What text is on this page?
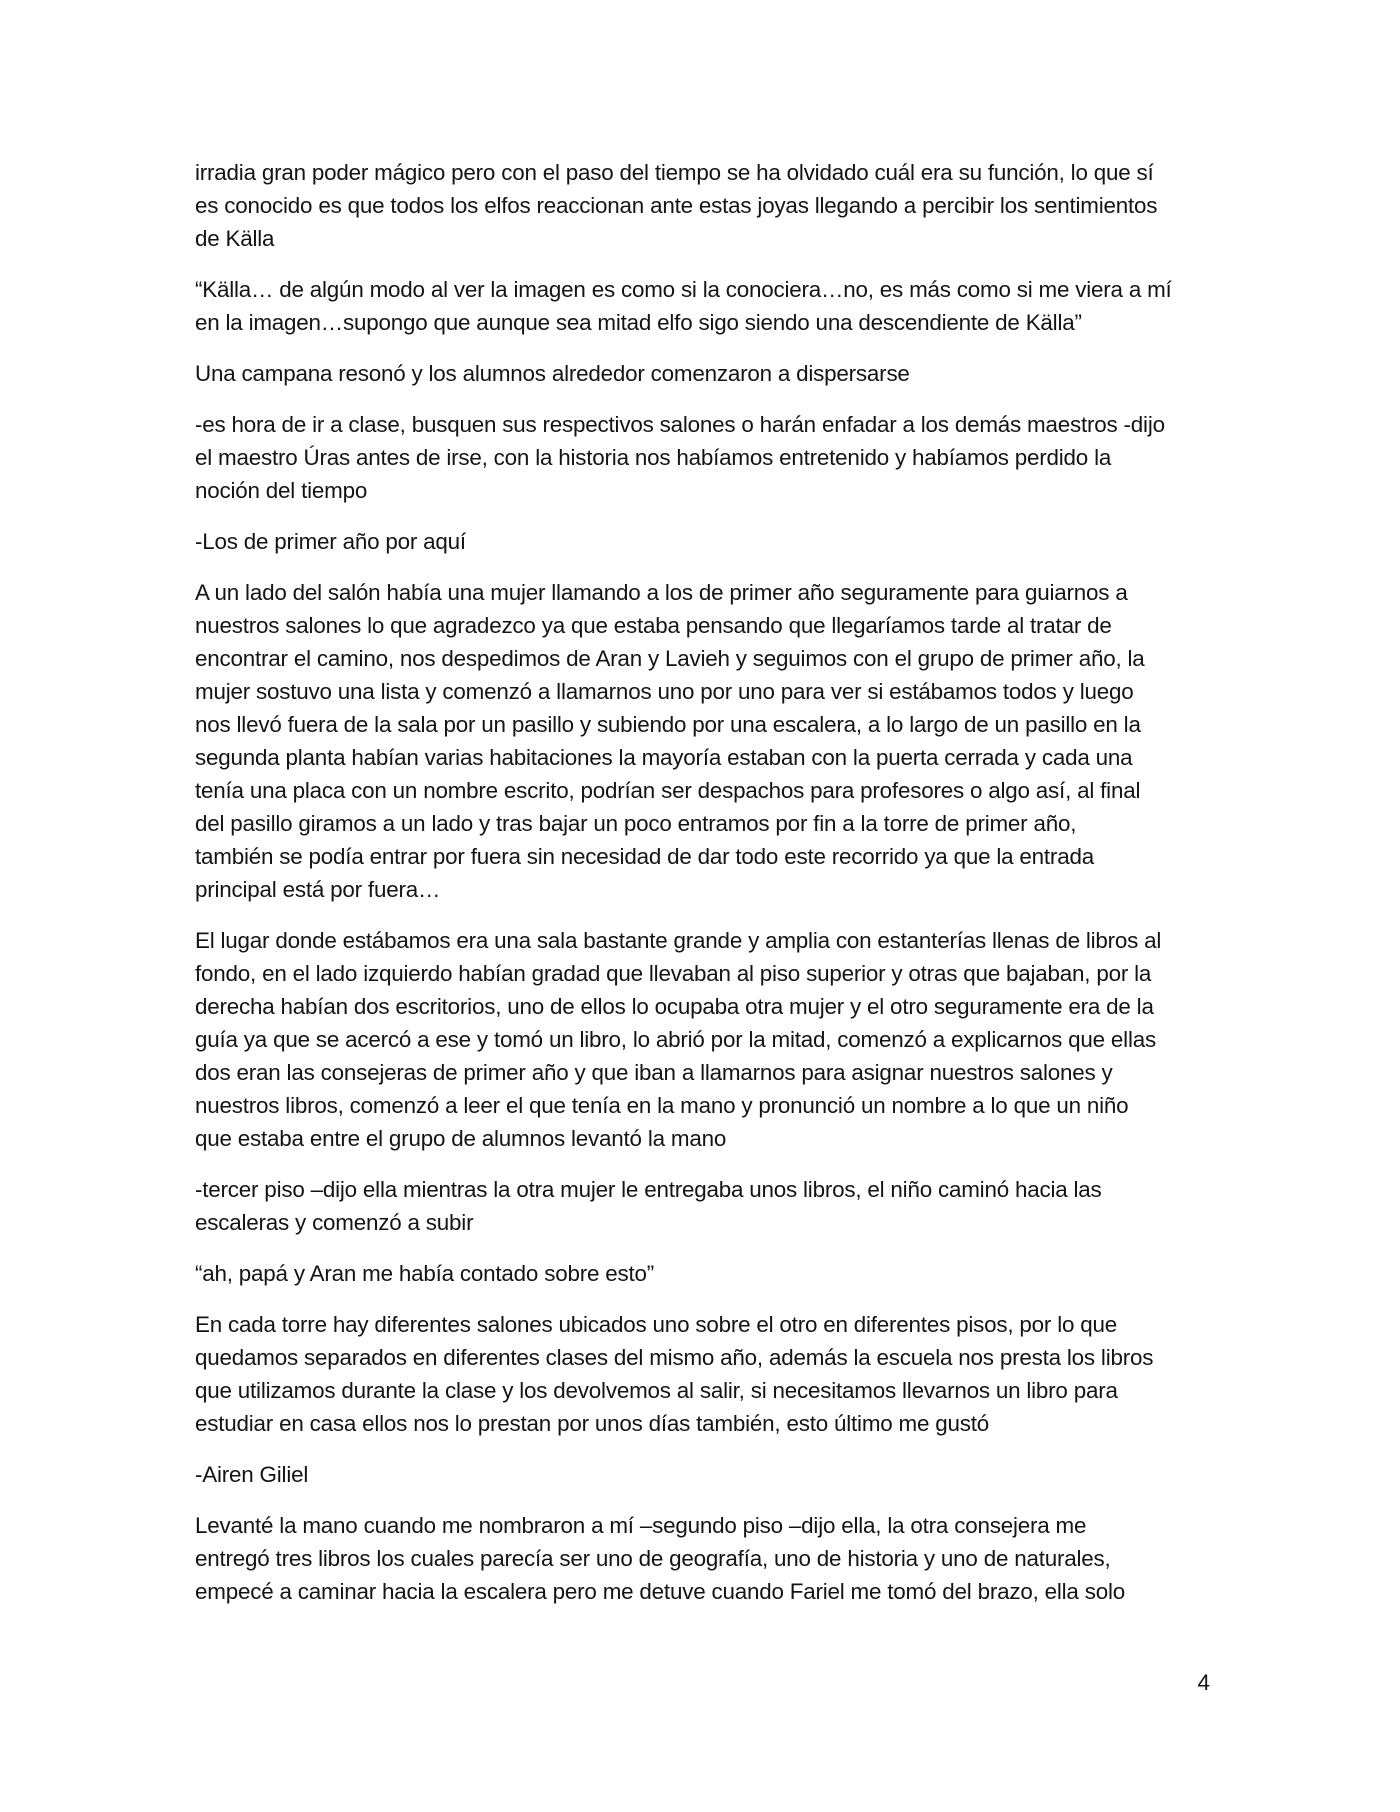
irradia gran poder mágico pero con el paso del tiempo se ha olvidado cuál era su función, lo que sí
es conocido es que todos los elfos reaccionan ante estas joyas llegando a percibir los sentimientos
de Källa

“Källa… de algún modo al ver la imagen es como si la conociera…no, es más como si me viera a mí
en la imagen…supongo que aunque sea mitad elfo sigo siendo una descendiente de Källa”

Una campana resonó y los alumnos alrededor comenzaron a dispersarse

-es hora de ir a clase, busquen sus respectivos salones o harán enfadar a los demás maestros -dijo
el maestro Úras antes de irse, con la historia nos habíamos entretenido y habíamos perdido la
noción del tiempo

-Los de primer año por aquí

A un lado del salón había una mujer llamando a los de primer año seguramente para guiarnos a
nuestros salones lo que agradezco ya que estaba pensando que llegaríamos tarde al tratar de
encontrar el camino, nos despedimos de Aran y Lavieh y seguimos con el grupo de primer año, la
mujer sostuvo una lista y comenzó a llamarnos uno por uno para ver si estábamos todos y luego
nos llevó fuera de la sala por un pasillo y subiendo por una escalera, a lo largo de un pasillo en la
segunda planta habían varias habitaciones la mayoría estaban con la puerta cerrada y cada una
tenía una placa con un nombre escrito, podrían ser despachos para profesores o algo así, al final
del pasillo giramos a un lado y tras bajar un poco entramos por fin a la torre de primer año,
también se podía entrar por fuera sin necesidad de dar todo este recorrido ya que la entrada
principal está por fuera…

El lugar donde estábamos era una sala bastante grande y amplia con estanterías llenas de libros al
fondo, en el lado izquierdo habían gradad que llevaban al piso superior y otras que bajaban, por la
derecha habían dos escritorios, uno de ellos lo ocupaba otra mujer y el otro seguramente era de la
guía ya que se acercó a ese y tomó un libro, lo abrió por la mitad, comenzó a explicarnos que ellas
dos eran las consejeras de primer año y que iban a llamarnos para asignar nuestros salones y
nuestros libros, comenzó a leer el que tenía en la mano y pronunció un nombre a lo que un niño
que estaba entre el grupo de alumnos levantó la mano

-tercer piso –dijo ella mientras la otra mujer le entregaba unos libros, el niño caminó hacia las
escaleras y comenzó a subir

“ah, papá y Aran me había contado sobre esto”

En cada torre hay diferentes salones ubicados uno sobre el otro en diferentes pisos, por lo que
quedamos separados en diferentes clases del mismo año, además la escuela nos presta los libros
que utilizamos durante la clase y los devolvemos al salir, si necesitamos llevarnos un libro para
estudiar en casa ellos nos lo prestan por unos días también, esto último me gustó

-Airen Giliel

Levanté la mano cuando me nombraron a mí –segundo piso –dijo ella, la otra consejera me
entregó tres libros los cuales parecía ser uno de geografía, uno de historia y uno de naturales,
empecé a caminar hacia la escalera pero me detuve cuando Fariel me tomó del brazo, ella solo

4
